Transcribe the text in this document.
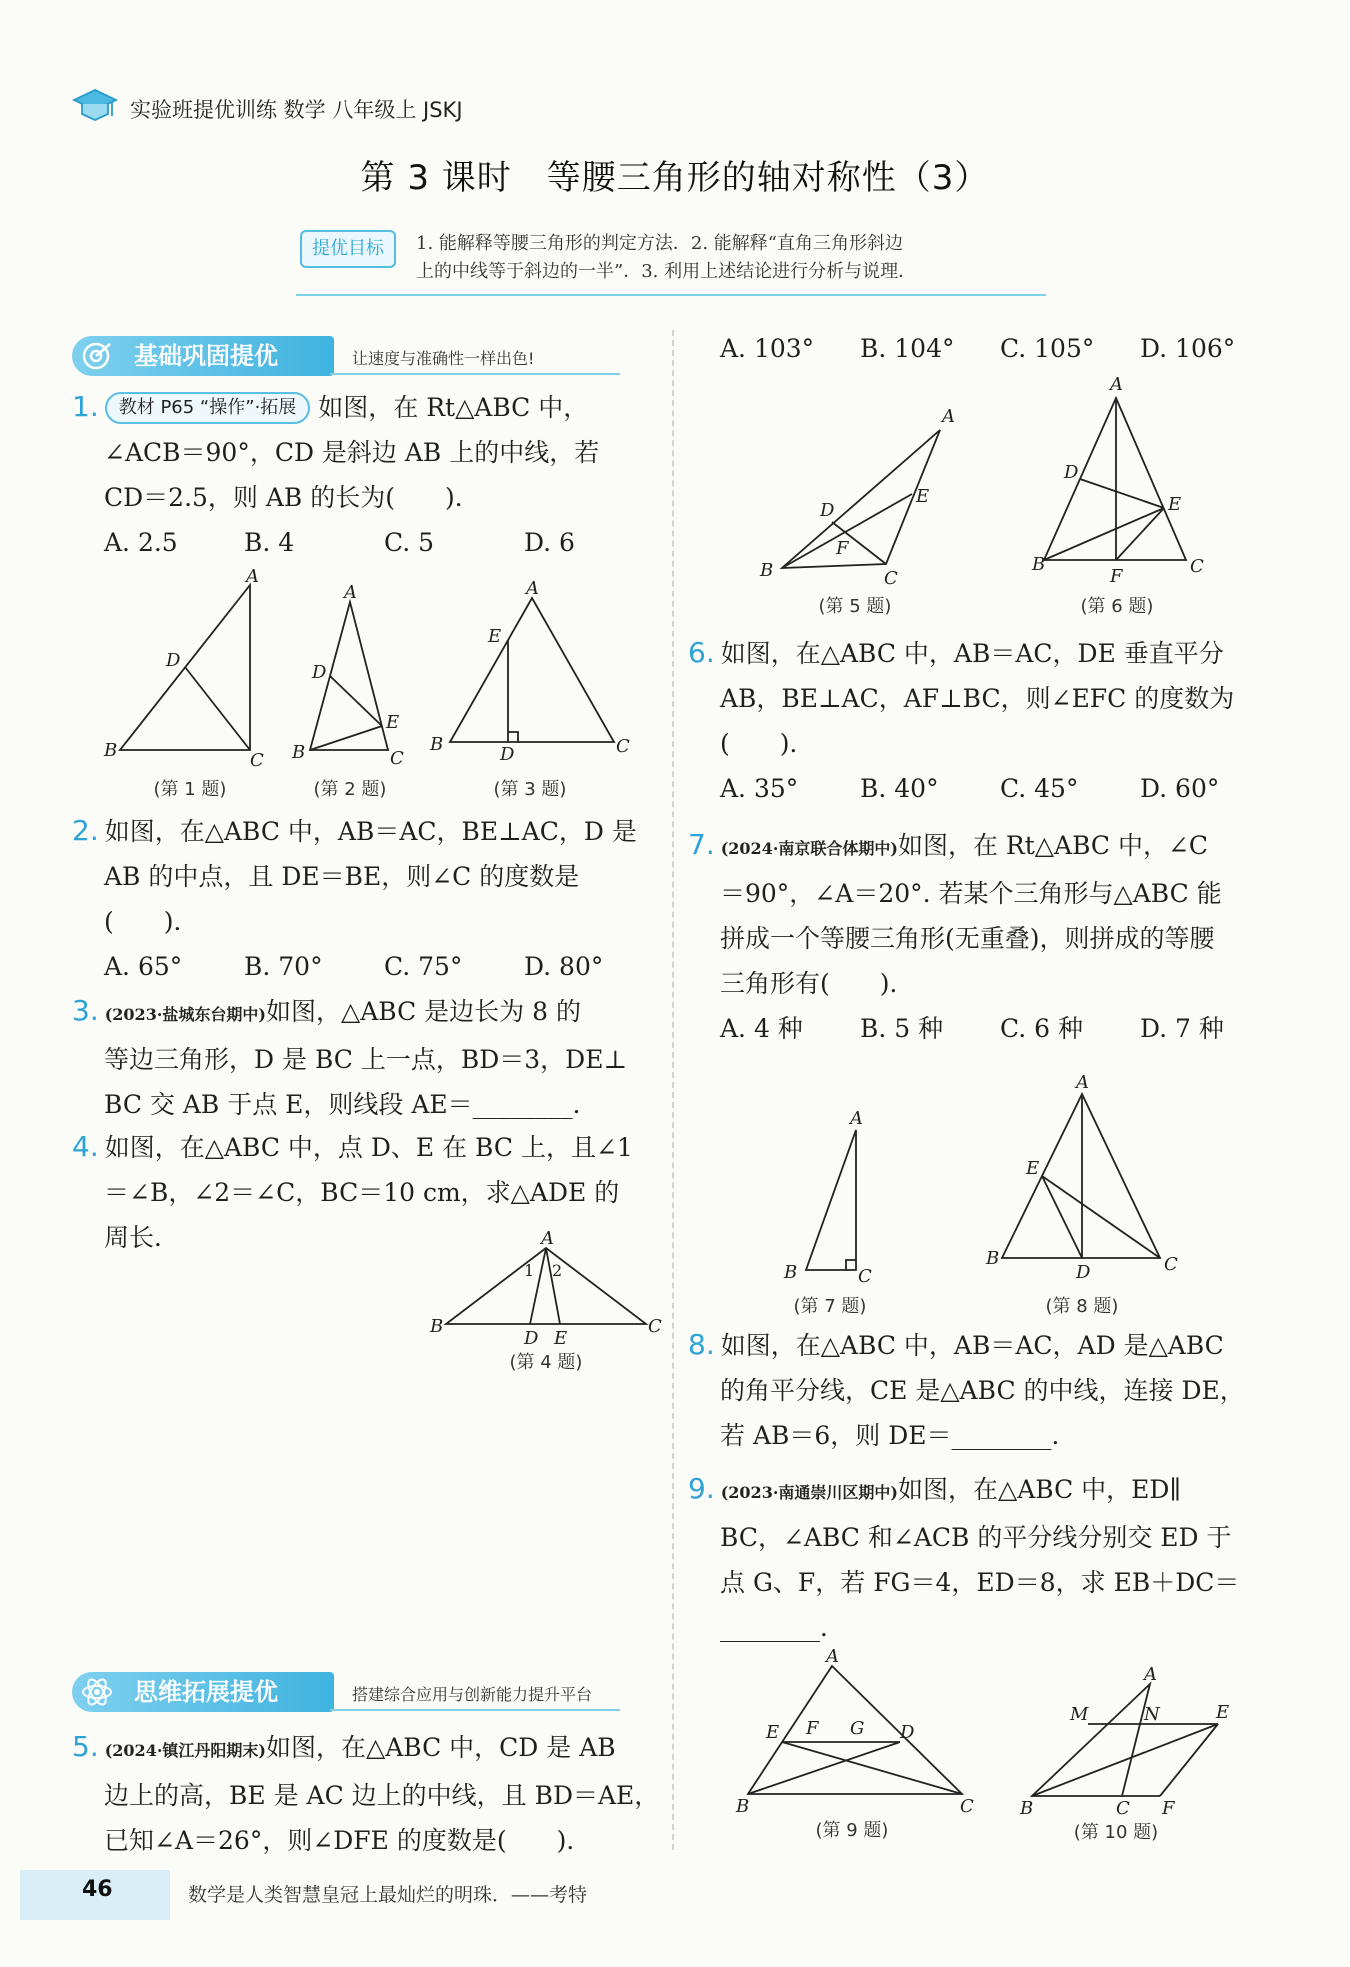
实验班提优训练 数学 八年级上 JSKJ
第 3 课时　等腰三角形的轴对称性（3）
提优目标	1. 能解释等腰三角形的判定方法．2. 能解释“直角三角形斜边
上的中线等于斜边的一半”．3. 利用上述结论进行分析与说理．
基础巩固提优	让速度与准确性一样出色!
1. 教材 P65 “操作”·拓展 如图，在 Rt△ABC 中，
∠ACB＝90°，CD 是斜边 AB 上的中线，若
CD＝2.5，则 AB 的长为(　　)．
A. 2.5	B. 4	C. 5	D. 6
A
B	C
D
(第 1 题)
A
B	C
D
E
(第 2 题)
A
B	C
D
E
(第 3 题)
2. 如图，在△ABC 中，AB＝AC，BE⊥AC，D 是
AB 的中点，且 DE＝BE，则∠C 的度数是
(　　)．
A. 65° B. 70° C. 75° D. 80°
3. (2023·盐城东台期中)如图，△ABC 是边长为 8 的
等边三角形，D 是 BC 上一点，BD＝3，DE⊥
BC 交 AB 于点 E，则线段 AE＝________．
4. 如图，在△ABC 中，点 D、E 在 BC 上，且∠1
＝∠B，∠2＝∠C，BC＝10 cm，求△ADE 的
周长．	A
B	C
D E
1 2
(第 4 题)
思维拓展提优	搭建综合应用与创新能力提升平台
5. (2024·镇江丹阳期末)如图，在△ABC 中，CD 是 AB
边上的高，BE 是 AC 边上的中线，且 BD＝AE，
已知∠A＝26°，则∠DFE 的度数是(　　)．
A. 103° B. 104° C. 105° D. 106°
A
B	C
D
E
F
(第 5 题)
A
B	C
D
E
F
(第 6 题)
6. 如图，在△ABC 中，AB＝AC，DE 垂直平分
AB，BE⊥AC，AF⊥BC，则∠EFC 的度数为
(　　)．
A. 35° B. 40° C. 45° D. 60°
7. (2024·南京联合体期中)如图，在 Rt△ABC 中，∠C
＝90°，∠A＝20°. 若某个三角形与△ABC 能
拼成一个等腰三角形(无重叠)，则拼成的等腰
三角形有(　　)．
A. 4 种 B. 5 种 C. 6 种 D. 7 种
A
B	C
(第 7 题)
A
B	C
D
E
(第 8 题)
8. 如图，在△ABC 中，AB＝AC，AD 是△ABC
的角平分线，CE 是△ABC 的中线，连接 DE，
若 AB＝6，则 DE＝________．
9. (2023·南通崇川区期中)如图，在△ABC 中，ED∥
BC，∠ABC 和∠ACB 的平分线分别交 ED 于
点 G、F，若 FG＝4，ED＝8，求 EB＋DC＝
________．
A
B	C
E F G D
(第 9 题)
A
B	C F
M	N	E
(第 10 题)
46	数学是人类智慧皇冠上最灿烂的明珠．——考特
